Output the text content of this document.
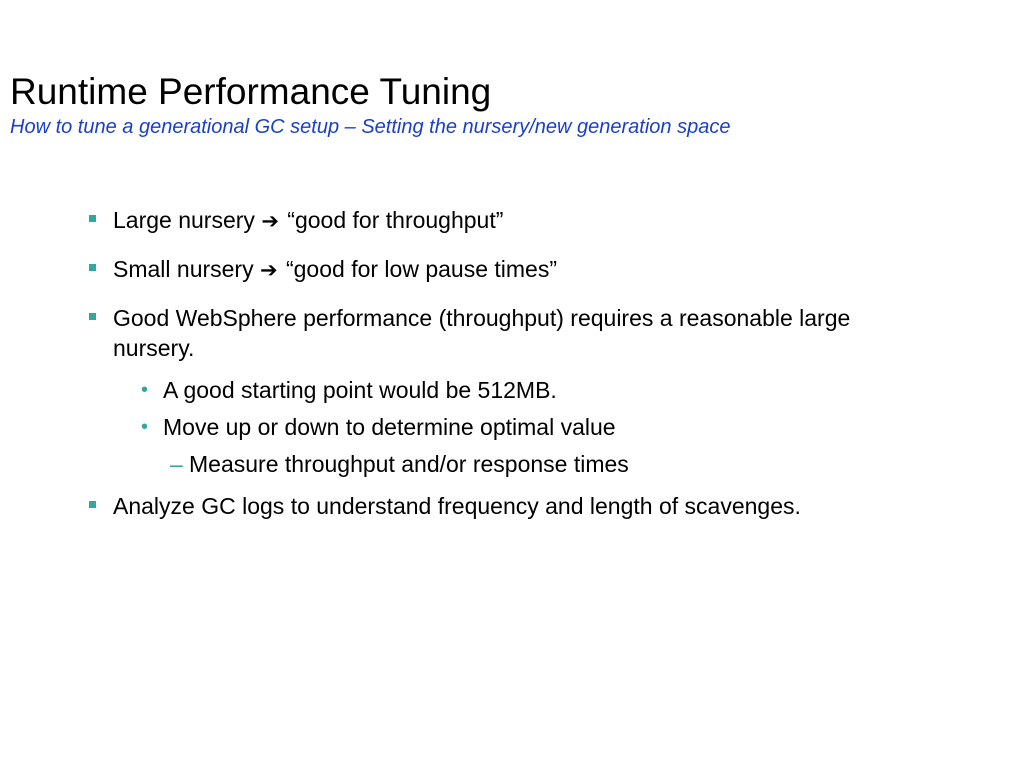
Runtime Performance Tuning
How to tune a generational GC setup – Setting the nursery/new generation space
Large nursery ➔ “good for throughput”
Small nursery ➔ “good for low pause times”
Good WebSphere performance (throughput) requires a reasonable large nursery.
• A good starting point would be 512MB.
• Move up or down to determine optimal value
– Measure throughput and/or response times
Analyze GC logs to understand frequency and length of scavenges.
